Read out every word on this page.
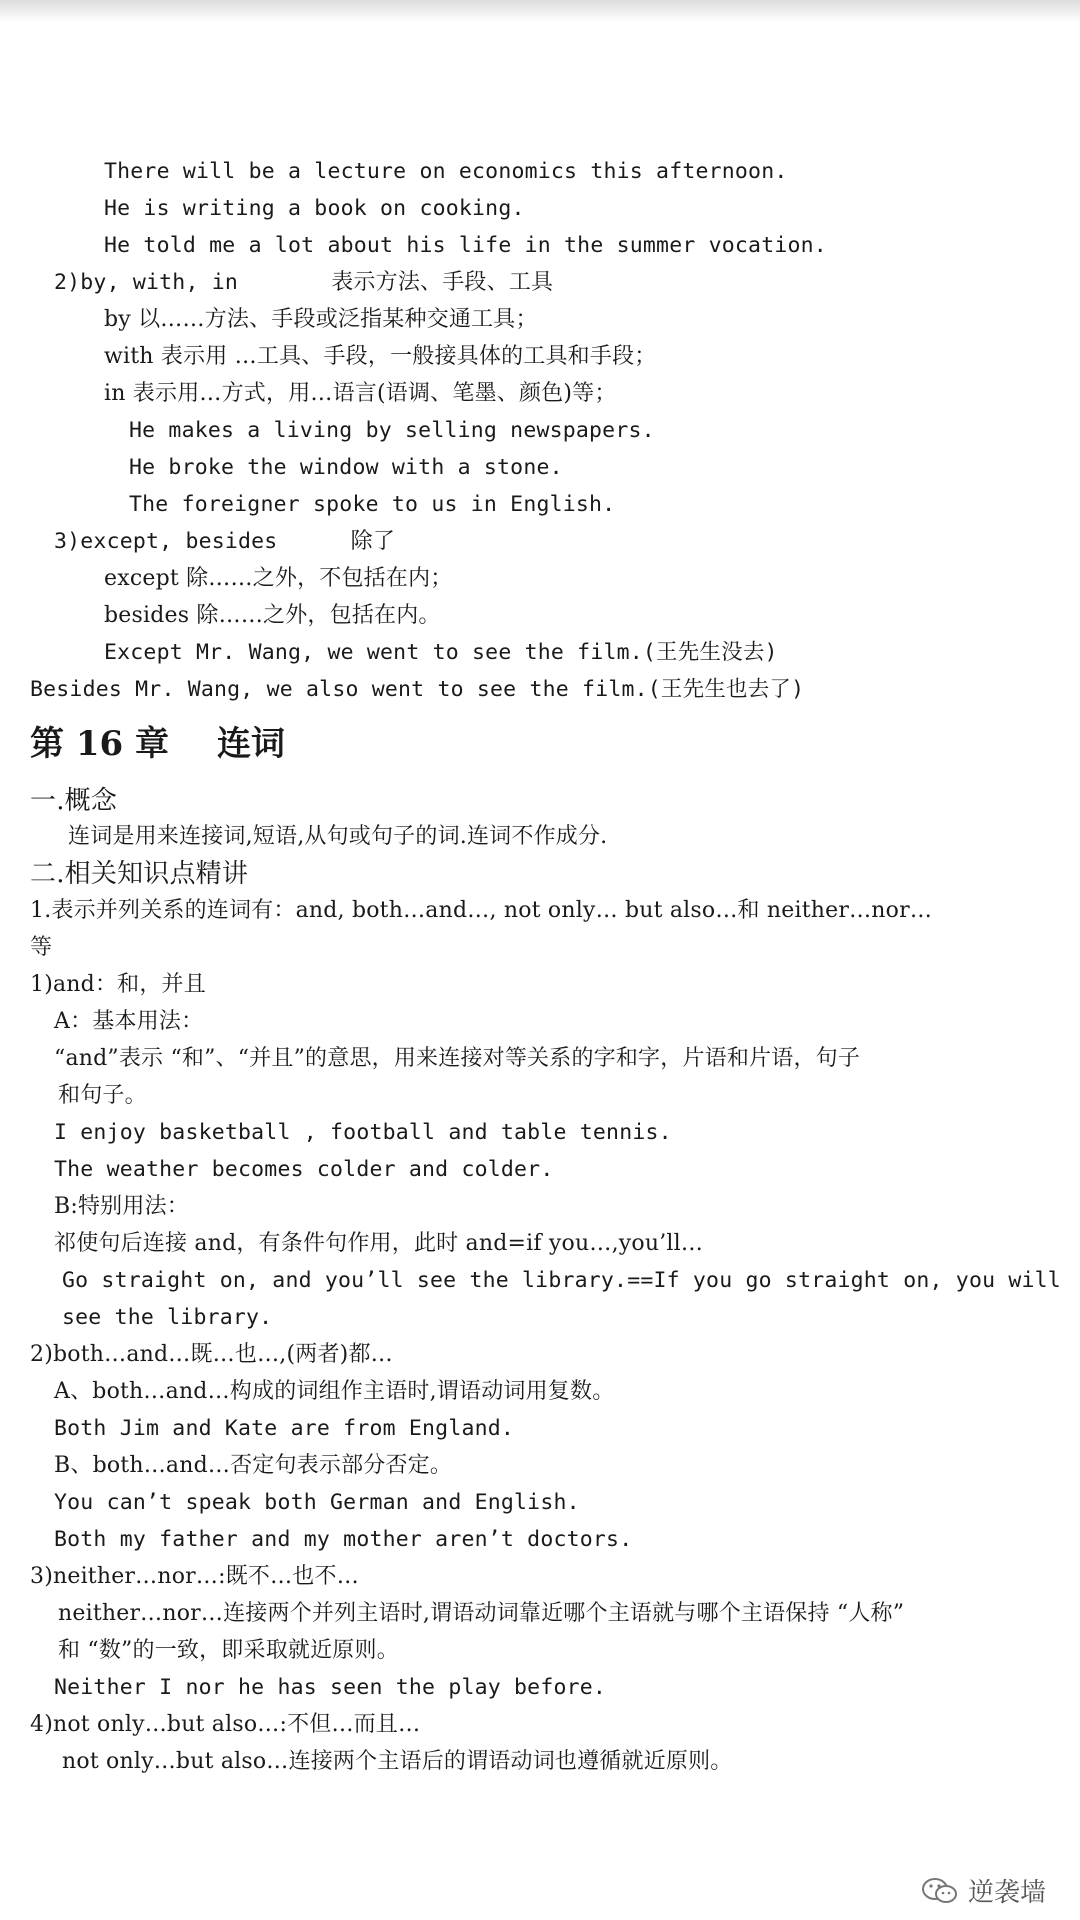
There will be a lecture on economics this afternoon.
He is writing a book on cooking.
He told me a lot about his life in the summer vocation.
2)by, with, in	表示方法、手段、工具
by 以……方法、手段或泛指某种交通工具；
with 表示用 …工具、手段，一般接具体的工具和手段；
in 表示用…方式，用…语言(语调、笔墨、颜色)等；
He makes a living by selling newspapers.
He broke the window with a stone.
The foreigner spoke to us in English.
3)except, besides	除了
except 除……之外，不包括在内；
besides 除……之外，包括在内。
Except Mr. Wang, we went to see the film.(王先生没去)
Besides Mr. Wang, we also went to see the film.(王先生也去了)
第 16 章 连词
一.概念
连词是用来连接词,短语,从句或句子的词.连词不作成分.
二.相关知识点精讲
1.表示并列关系的连词有：and, both…and…, not only… but also…和 neither…nor…
等
1)and：和，并且
A：基本用法：
“and”表示 “和”、“并且”的意思，用来连接对等关系的字和字，片语和片语，句子
和句子。
I enjoy basketball , football and table tennis.
The weather becomes colder and colder.
B:特别用法：
祁使句后连接 and，有条件句作用，此时 and=if you…,you’ll…
Go straight on, and you’ll see the library.==If you go straight on, you will
see the library.
2)both…and…既…也…,(两者)都…
A、both…and…构成的词组作主语时,谓语动词用复数。
Both Jim and Kate are from England.
B、both…and…否定句表示部分否定。
You can’t speak both German and English.
Both my father and my mother aren’t doctors.
3)neither…nor…:既不…也不…
neither…nor…连接两个并列主语时,谓语动词靠近哪个主语就与哪个主语保持 “人称”
和 “数”的一致，即采取就近原则。
Neither I nor he has seen the play before.
4)not only…but also…:不但…而且…
not only…but also…连接两个主语后的谓语动词也遵循就近原则。
逆袭墙
